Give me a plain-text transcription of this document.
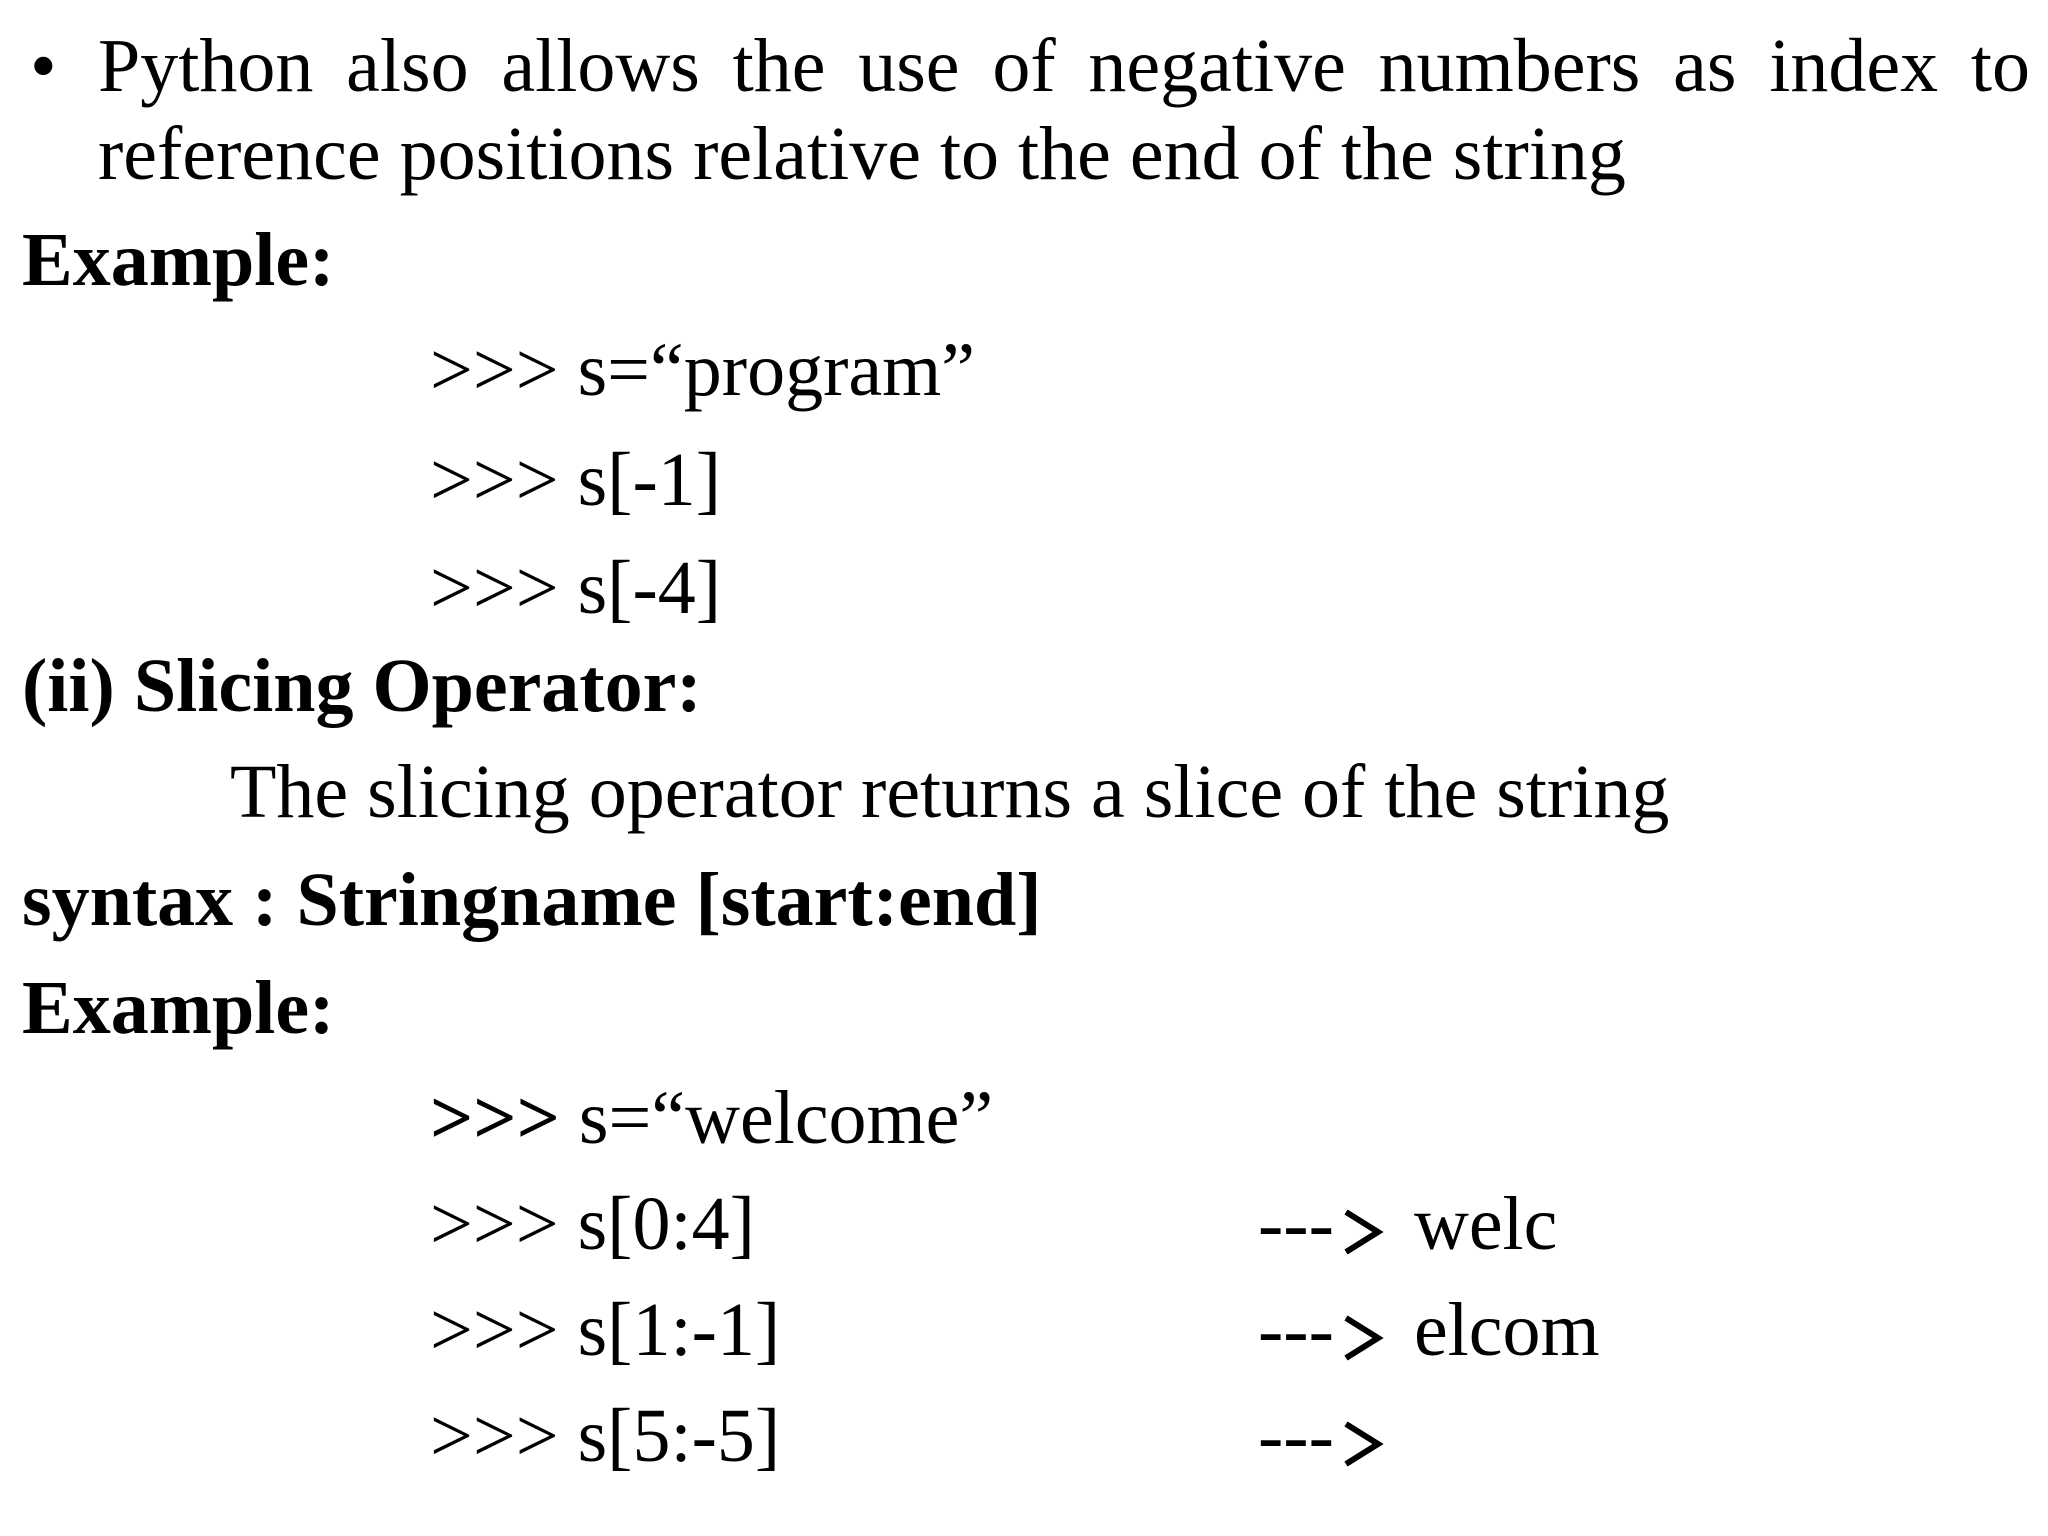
• Python also allows the use of negative numbers as index to reference positions relative to the end of the string
Example:
>>> s=“program”
>>> s[-1]
>>> s[-4]
(ii) Slicing Operator:
The slicing operator returns a slice of the string
syntax : Stringname [start:end]
Example:
>>> s=“welcome”
>>> s[0:4]	--- welc
>>> s[1:-1]	--- elcom
>>> s[5:-5]	---
